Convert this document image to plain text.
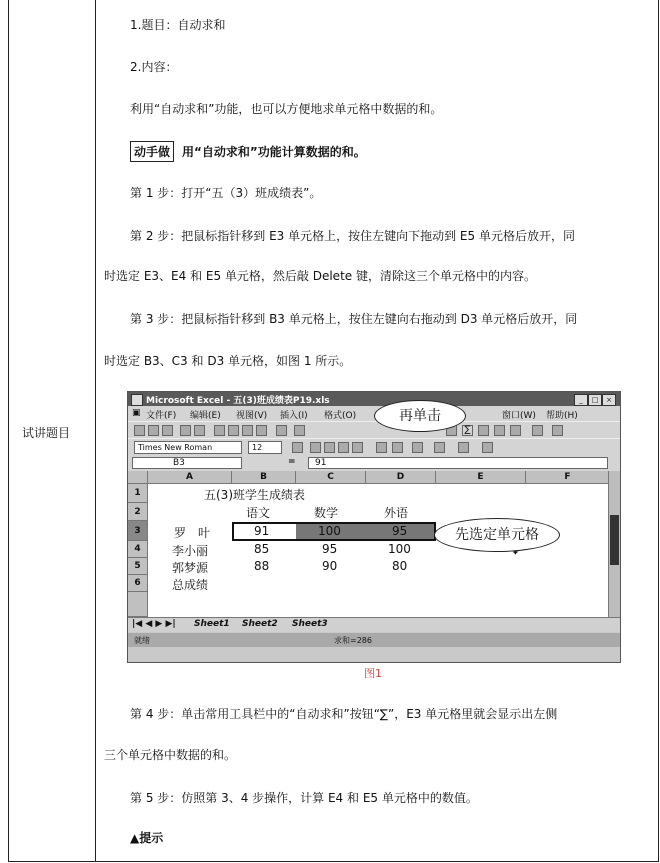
试讲题目
1.题目：自动求和
2.内容：
利用“自动求和”功能，也可以方便地求单元格中数据的和。
动手做 用“自动求和”功能计算数据的和。
第 1 步：打开“五（3）班成绩表”。
第 2 步：把鼠标指针移到 E3 单元格上，按住左键向下拖动到 E5 单元格后放开，同
时选定 E3、E4 和 E5 单元格，然后敲 Delete 键，清除这三个单元格中的内容。
第 3 步：把鼠标指针移到 B3 单元格上，按住左键向右拖动到 D3 单元格后放开，同
时选定 B3、C3 和 D3 单元格，如图 1 所示。
Microsoft Excel - 五(3)班成绩表P19.xls	_	□	×
▣ 文件(F) 编辑(E) 视图(V) 插入(I) 格式(O)	窗口(W) 帮助(H)
∑
Times New Roman	12
B3	=	91
A	B	C	D	E	F
1
2
3
4
5
6
五(3)班学生成绩表
语文	数学	外语
罗　叶	91	100	95
李小丽	85	95	100
郭梦源	88	90	80
总成绩
|◀ ◀ ▶ ▶| Sheet1 Sheet2 Sheet3
就绪	求和=286
再单击
先选定单元格
图1
第 4 步：单击常用工具栏中的“自动求和”按钮“∑”，E3 单元格里就会显示出左侧
三个单元格中数据的和。
第 5 步：仿照第 3、4 步操作，计算 E4 和 E5 单元格中的数值。
▲提示
